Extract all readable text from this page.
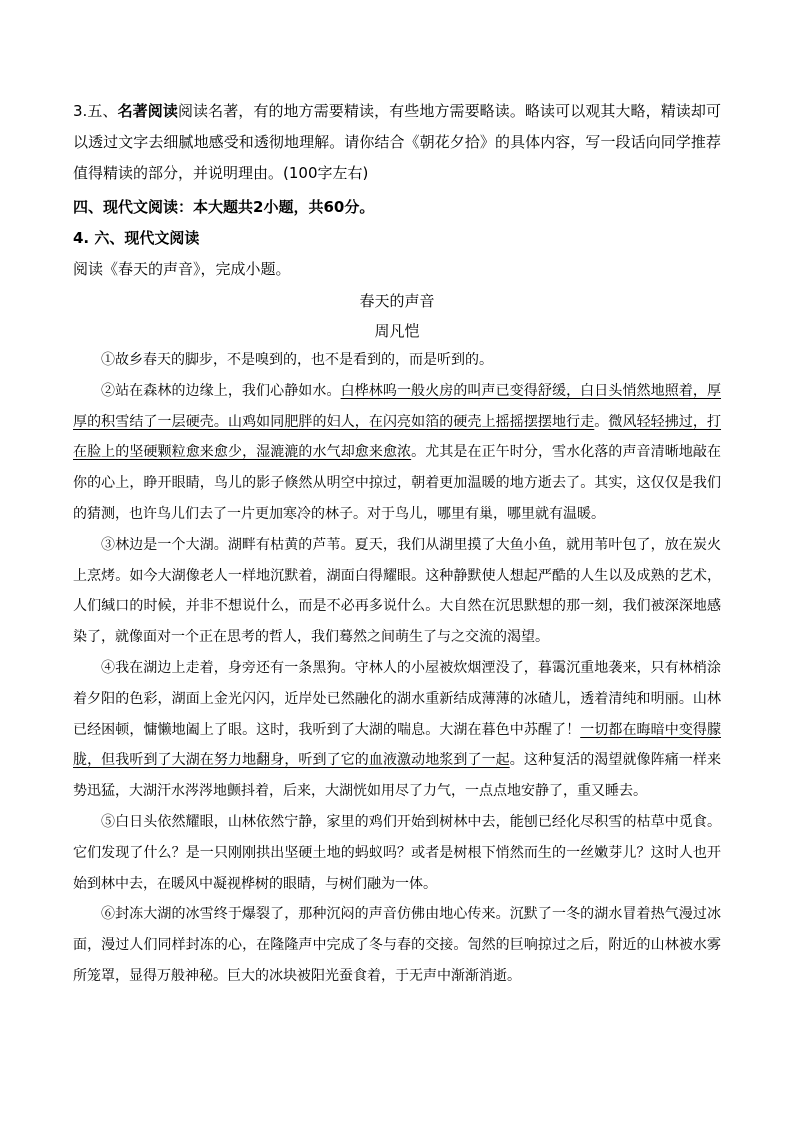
3.五、名著阅读阅读名著，有的地方需要精读，有些地方需要略读。略读可以观其大略，精读却可以透过文字去细腻地感受和透彻地理解。请你结合《朝花夕拾》的具体内容，写一段话向同学推荐值得精读的部分，并说明理由。(100字左右)

四、现代文阅读：本大题共2小题，共60分。

4. 六、现代文阅读

阅读《春天的声音》，完成小题。

春天的声音

周凡恺

①故乡春天的脚步，不是嗅到的，也不是看到的，而是听到的。

②站在森林的边缘上，我们心静如水。白桦林呜一般火房的叫声已变得舒缓，白日头悄然地照着，厚厚的积雪结了一层硬壳。山鸡如同肥胖的妇人，在闪亮如箔的硬壳上摇摇摆摆地行走。微风轻轻拂过，打在脸上的坚硬颗粒愈来愈少，湿漉漉的水气却愈来愈浓。尤其是在正午时分，雪水化落的声音清晰地敲在你的心上，睁开眼睛，鸟儿的影子倏然从明空中掠过，朝着更加温暖的地方逝去了。其实，这仅仅是我们的猜测，也许鸟儿们去了一片更加寒冷的林子。对于鸟儿，哪里有巢，哪里就有温暖。

③林边是一个大湖。湖畔有枯黄的芦苇。夏天，我们从湖里摸了大鱼小鱼，就用苇叶包了，放在炭火上烹烤。如今大湖像老人一样地沉默着，湖面白得耀眼。这种静默使人想起严酷的人生以及成熟的艺术，人们缄口的时候，并非不想说什么，而是不必再多说什么。大自然在沉思默想的那一刻，我们被深深地感染了，就像面对一个正在思考的哲人，我们蓦然之间萌生了与之交流的渴望。

④我在湖边上走着，身旁还有一条黑狗。守林人的小屋被炊烟湮没了，暮霭沉重地袭来，只有林梢涂着夕阳的色彩，湖面上金光闪闪，近岸处已然融化的湖水重新结成薄薄的冰碴儿，透着清纯和明丽。山林已经困顿，慵懒地阖上了眼。这时，我听到了大湖的喘息。大湖在暮色中苏醒了！一切都在晦暗中变得朦胧，但我听到了大湖在努力地翻身，听到了它的血液激动地浆到了一起。这种复活的渴望就像阵痛一样来势迅猛，大湖汗水涔涔地颤抖着，后来，大湖恍如用尽了力气，一点点地安静了，重又睡去。

⑤白日头依然耀眼，山林依然宁静，家里的鸡们开始到树林中去，能刨已经化尽积雪的枯草中觅食。它们发现了什么？是一只刚刚拱出坚硬土地的蚂蚁吗？或者是树根下悄然而生的一丝嫩芽儿？这时人也开始到林中去，在暖风中凝视桦树的眼睛，与树们融为一体。

⑥封冻大湖的冰雪终于爆裂了，那种沉闷的声音仿佛由地心传来。沉默了一冬的湖水冒着热气漫过冰面，漫过人们同样封冻的心，在隆隆声中完成了冬与春的交接。訇然的巨响掠过之后，附近的山林被水雾所笼罩，显得万般神秘。巨大的冰块被阳光蚕食着，于无声中渐渐消逝。
